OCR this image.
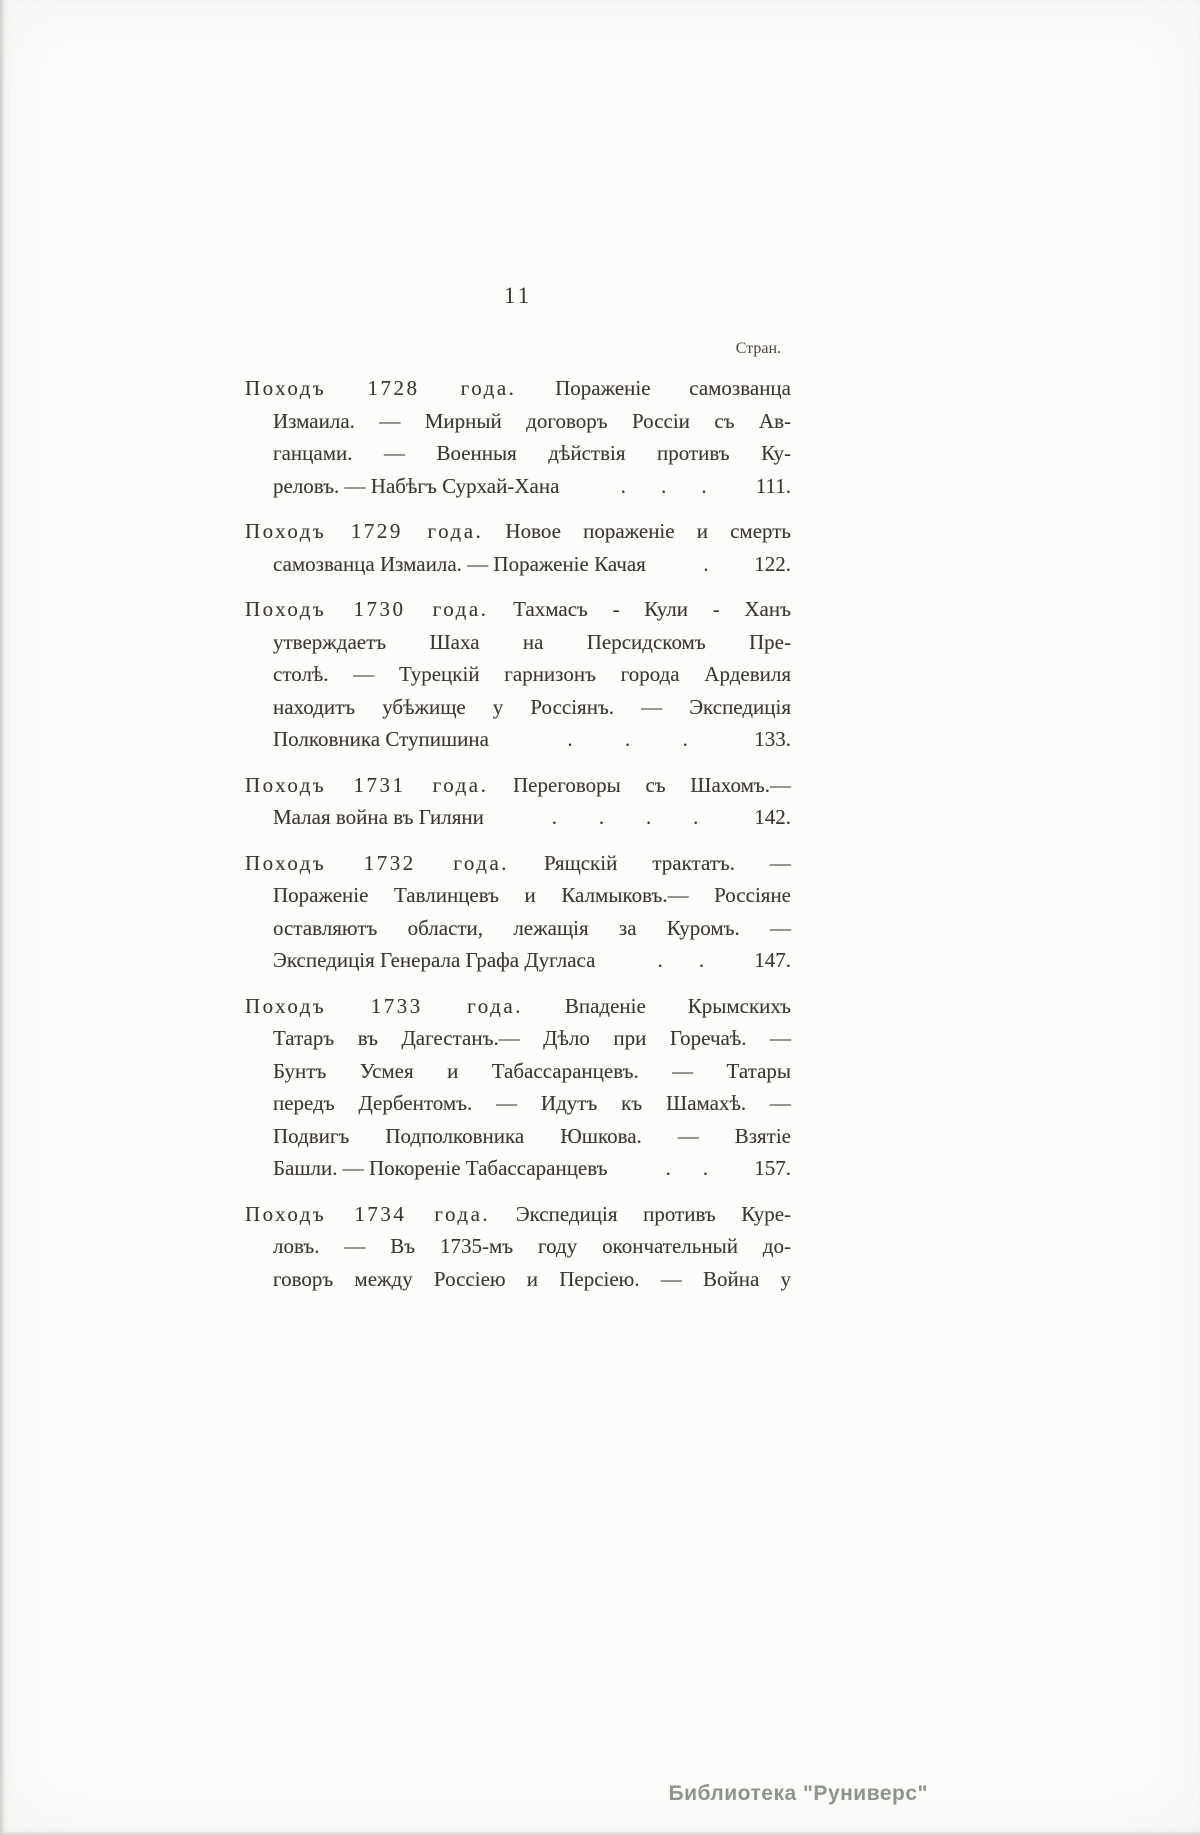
11
Стран.
Походъ 1728 года. Пораженіе самозванца
Измаила. — Мирный договоръ Россіи съ Ав-
ганцами. — Военныя дѣйствія противъ Ку-
реловъ. — Набѣгъ Сурхай-Хана	. . . 111.
Походъ 1729 года. Новое пораженіе и смерть
самозванца Измаила. — Пораженіе Качая	. 122.
Походъ 1730 года. Тахмасъ - Кули - Ханъ
утверждаетъ Шаха на Персидскомъ Пре-
столѣ. — Турецкій гарнизонъ города Ардевиля
находитъ убѣжище у Россіянъ. — Экспедиція
Полковника Ступишина	. . .	133.
Походъ 1731 года. Переговоры съ Шахомъ.—
Малая война въ Гиляни	. . . .	142.
Походъ 1732 года. Рящскій трактатъ. —
Пораженіе Тавлинцевъ и Калмыковъ.— Россіяне
оставляютъ области, лежащія за Куромъ. —
Экспедиція Генерала Графа Дугласа	. . 147.
Походъ 1733 года. Впаденіе Крымскихъ
Татаръ въ Дагестанъ.— Дѣло при Горечаѣ. —
Бунтъ Усмея и Табассаранцевъ. — Татары
передъ Дербентомъ. — Идутъ къ Шамахѣ. —
Подвигъ Подполковника Юшкова. — Взятіе
Башли. — Покореніе Табассаранцевъ	. . 157.
Походъ 1734 года. Экспедиція противъ Куре-
ловъ. — Въ 1735-мъ году окончательный до-
говоръ между Россіею и Персіею. — Война у
Библиотека "Руниверс"
